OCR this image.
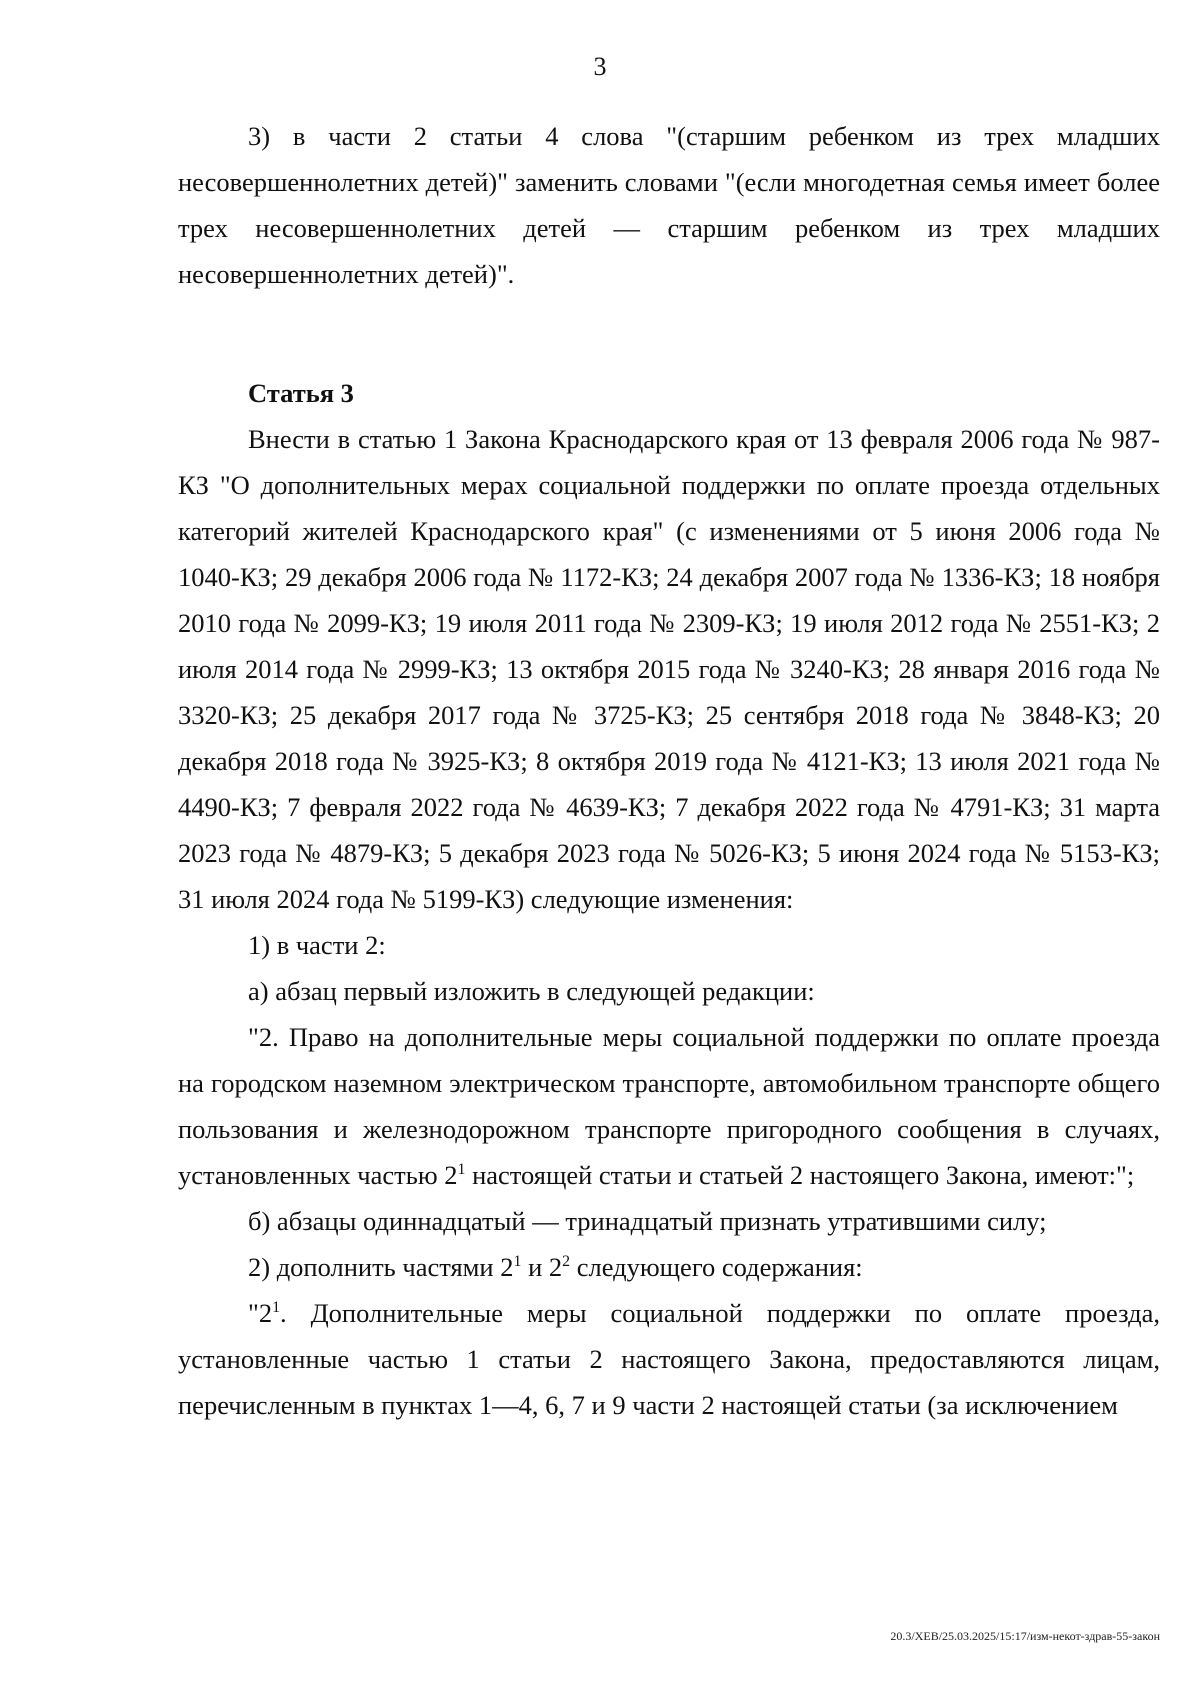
3

3) в части 2 статьи 4 слова "(старшим ребенком из трех младших несовершеннолетних детей)" заменить словами "(если многодетная семья имеет более трех несовершеннолетних детей — старшим ребенком из трех младших несовершеннолетних детей)".

Статья 3

Внести в статью 1 Закона Краснодарского края от 13 февраля 2006 года № 987-КЗ "О дополнительных мерах социальной поддержки по оплате проезда отдельных категорий жителей Краснодарского края" (с изменениями от 5 июня 2006 года № 1040-КЗ; 29 декабря 2006 года № 1172-КЗ; 24 декабря 2007 года № 1336-КЗ; 18 ноября 2010 года № 2099-КЗ; 19 июля 2011 года № 2309-КЗ; 19 июля 2012 года № 2551-КЗ; 2 июля 2014 года № 2999-КЗ; 13 октября 2015 года № 3240-КЗ; 28 января 2016 года № 3320-КЗ; 25 декабря 2017 года № 3725-КЗ; 25 сентября 2018 года № 3848-КЗ; 20 декабря 2018 года № 3925-КЗ; 8 октября 2019 года № 4121-КЗ; 13 июля 2021 года № 4490-КЗ; 7 февраля 2022 года № 4639-КЗ; 7 декабря 2022 года № 4791-КЗ; 31 марта 2023 года № 4879-КЗ; 5 декабря 2023 года № 5026-КЗ; 5 июня 2024 года № 5153-КЗ; 31 июля 2024 года № 5199-КЗ) следующие изменения:

1) в части 2:

а) абзац первый изложить в следующей редакции:

"2. Право на дополнительные меры социальной поддержки по оплате проезда на городском наземном электрическом транспорте, автомобильном транспорте общего пользования и железнодорожном транспорте пригородного сообщения в случаях, установленных частью $2^1$ настоящей статьи и статьей 2 настоящего Закона, имеют:";

б) абзацы одиннадцатый — тринадцатый признать утратившими силу;

2) дополнить частями $2^1$ и $2^2$ следующего содержания:

"$2^1$. Дополнительные меры социальной поддержки по оплате проезда, установленные частью 1 статьи 2 настоящего Закона, предоставляются лицам, перечисленным в пунктах 1—4, 6, 7 и 9 части 2 настоящей статьи (за исключением

20.3/ХЕВ/25.03.2025/15:17/изм-некот-здрав-55-закон
